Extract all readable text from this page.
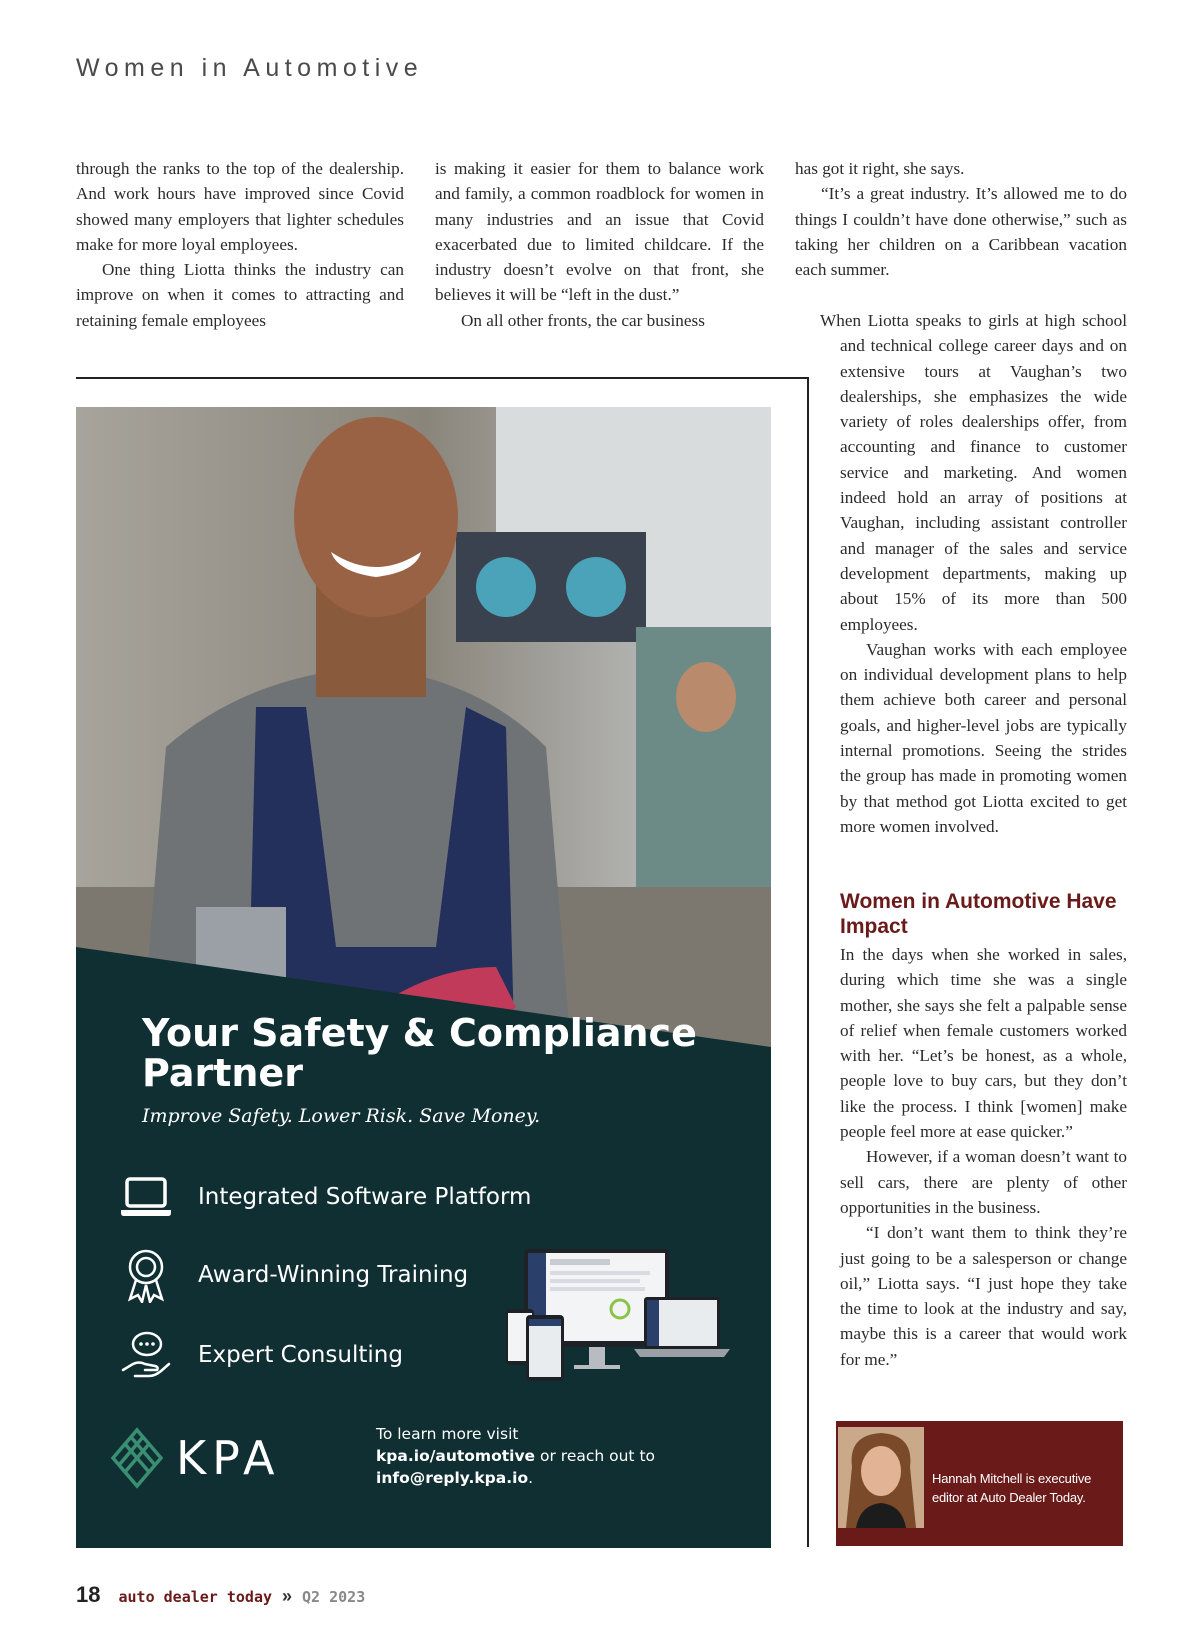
Women in Automotive

through the ranks to the top of the dealership. And work hours have improved since Covid showed many employers that lighter schedules make for more loyal employees.

One thing Liotta thinks the industry can improve on when it comes to attracting and retaining female employees

is making it easier for them to balance work and family, a common roadblock for women in many industries and an issue that Covid exacerbated due to limited childcare. If the industry doesn’t evolve on that front, she believes it will be “left in the dust.”

On all other fronts, the car business

has got it right, she says.

“It’s a great industry. It’s allowed me to do things I couldn’t have done otherwise,” such as taking her children on a Caribbean vacation each summer.

When Liotta speaks to girls at high school and technical college career days and on extensive tours at Vaughan’s two dealerships, she emphasizes the wide variety of roles dealerships offer, from accounting and finance to customer service and marketing. And women indeed hold an array of positions at Vaughan, including assistant controller and manager of the sales and service development departments, making up about 15% of its more than 500 employees.

Vaughan works with each employee on individual development plans to help them achieve both career and personal goals, and higher-level jobs are typically internal promotions. Seeing the strides the group has made in promoting women by that method got Liotta excited to get more women involved.

Women in Automotive Have Impact

In the days when she worked in sales, during which time she was a single mother, she says she felt a palpable sense of relief when female customers worked with her. “Let’s be honest, as a whole, people love to buy cars, but they don’t like the process. I think [women] make people feel more at ease quicker.”

However, if a woman doesn’t want to sell cars, there are plenty of other opportunities in the business.

“I don’t want them to think they’re just going to be a salesperson or change oil,” Liotta says. “I just hope they take the time to look at the industry and say, maybe this is a career that would work for me.”

Your Safety & Compliance Partner
Improve Safety. Lower Risk. Save Money.
Integrated Software Platform
Award-Winning Training
Expert Consulting
KPA	To learn more visit
kpa.io/automotive or reach out to
info@reply.kpa.io.	Hannah Mitchell is executive editor at Auto Dealer Today.
18 auto dealer today » Q2 2023
